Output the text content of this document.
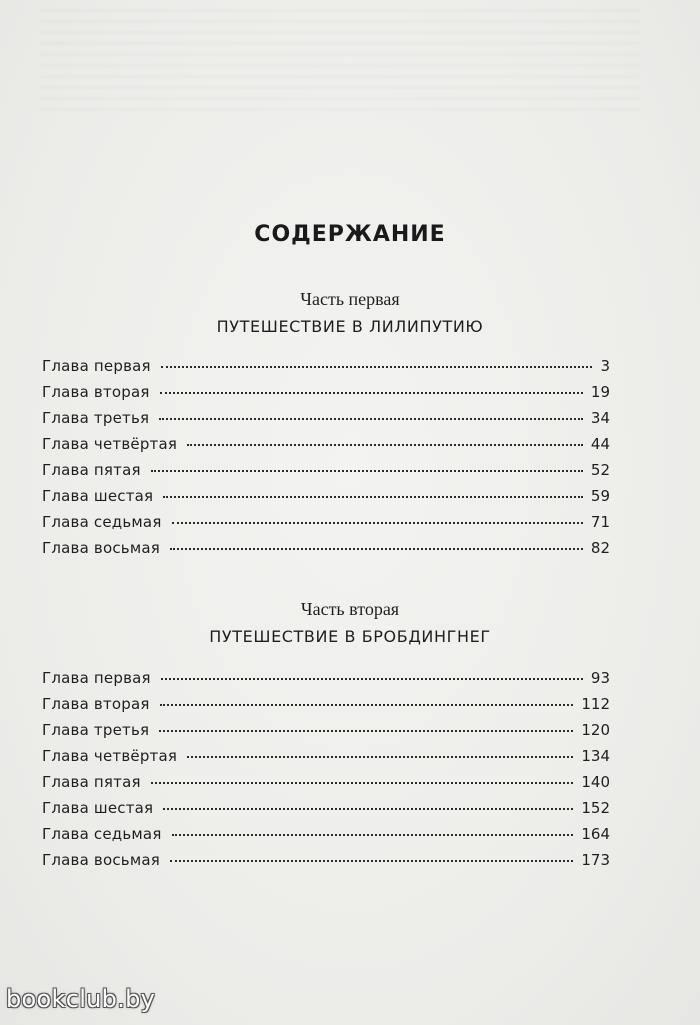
СОДЕРЖАНИЕ
Часть первая
ПУТЕШЕСТВИЕ В ЛИЛИПУТИЮ
Глава первая	3
Глава вторая	19
Глава третья	34
Глава четвёртая	44
Глава пятая	52
Глава шестая	59
Глава седьмая	71
Глава восьмая	82
Часть вторая
ПУТЕШЕСТВИЕ В БРОБДИНГНЕГ
Глава первая	93
Глава вторая	112
Глава третья	120
Глава четвёртая	134
Глава пятая	140
Глава шестая	152
Глава седьмая	164
Глава восьмая	173
bookclub.by
